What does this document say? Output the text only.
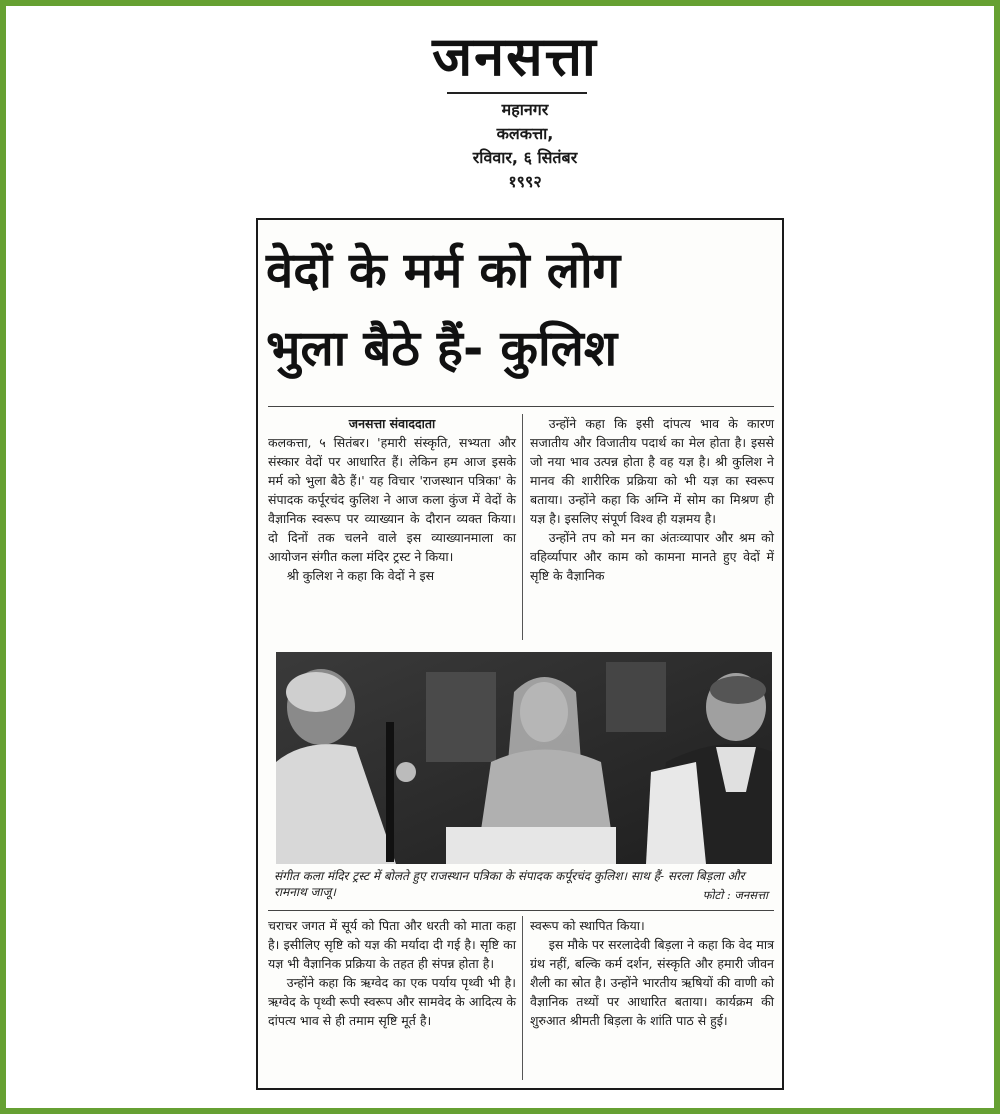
जनसत्ता
महानगर
कलकत्ता,
रविवार, ६ सितंबर
१९९२
वेदों के मर्म को लोग
भुला बैठे हैं- कुलिश

जनसत्ता संवाददाता

कलकत्ता, ५ सितंबर। 'हमारी संस्कृति, सभ्यता और संस्कार वेदों पर आधारित हैं। लेकिन हम आज इसके मर्म को भुला बैठे हैं।' यह विचार 'राजस्थान पत्रिका' के संपादक कर्पूरचंद कुलिश ने आज कला कुंज में वेदों के वैज्ञानिक स्वरूप पर व्याख्यान के दौरान व्यक्त किया। दो दिनों तक चलने वाले इस व्याख्यानमाला का आयोजन संगीत कला मंदिर ट्रस्ट ने किया।

श्री कुलिश ने कहा कि वेदों ने इस

उन्होंने कहा कि इसी दांपत्य भाव के कारण सजातीय और विजातीय पदार्थ का मेल होता है। इससे जो नया भाव उत्पन्न होता है वह यज्ञ है। श्री कुलिश ने मानव की शारीरिक प्रक्रिया को भी यज्ञ का स्वरूप बताया। उन्होंने कहा कि अग्नि में सोम का मिश्रण ही यज्ञ है। इसलिए संपूर्ण विश्व ही यज्ञमय है।

उन्होंने तप को मन का अंतःव्यापार और श्रम को वहिर्व्यापार और काम को कामना मानते हुए वेदों में सृष्टि के वैज्ञानिक

संगीत कला मंदिर ट्रस्ट में बोलते हुए राजस्थान पत्रिका के संपादक कर्पूरचंद कुलिश। साथ हैं- सरला बिड़ला और रामनाथ जाजू।	फोटो : जनसत्ता

चराचर जगत में सूर्य को पिता और धरती को माता कहा है। इसीलिए सृष्टि को यज्ञ की मर्यादा दी गई है। सृष्टि का यज्ञ भी वैज्ञानिक प्रक्रिया के तहत ही संपन्न होता है।

उन्होंने कहा कि ऋग्वेद का एक पर्याय पृथ्वी भी है। ऋग्वेद के पृथ्वी रूपी स्वरूप और सामवेद के आदित्य के दांपत्य भाव से ही तमाम सृष्टि मूर्त है।

स्वरूप को स्थापित किया।

इस मौके पर सरलादेवी बिड़ला ने कहा कि वेद मात्र ग्रंथ नहीं, बल्कि कर्म दर्शन, संस्कृति और हमारी जीवन शैली का स्रोत है। उन्होंने भारतीय ऋषियों की वाणी को वैज्ञानिक तथ्यों पर आधारित बताया। कार्यक्रम की शुरुआत श्रीमती बिड़ला के शांति पाठ से हुई।
